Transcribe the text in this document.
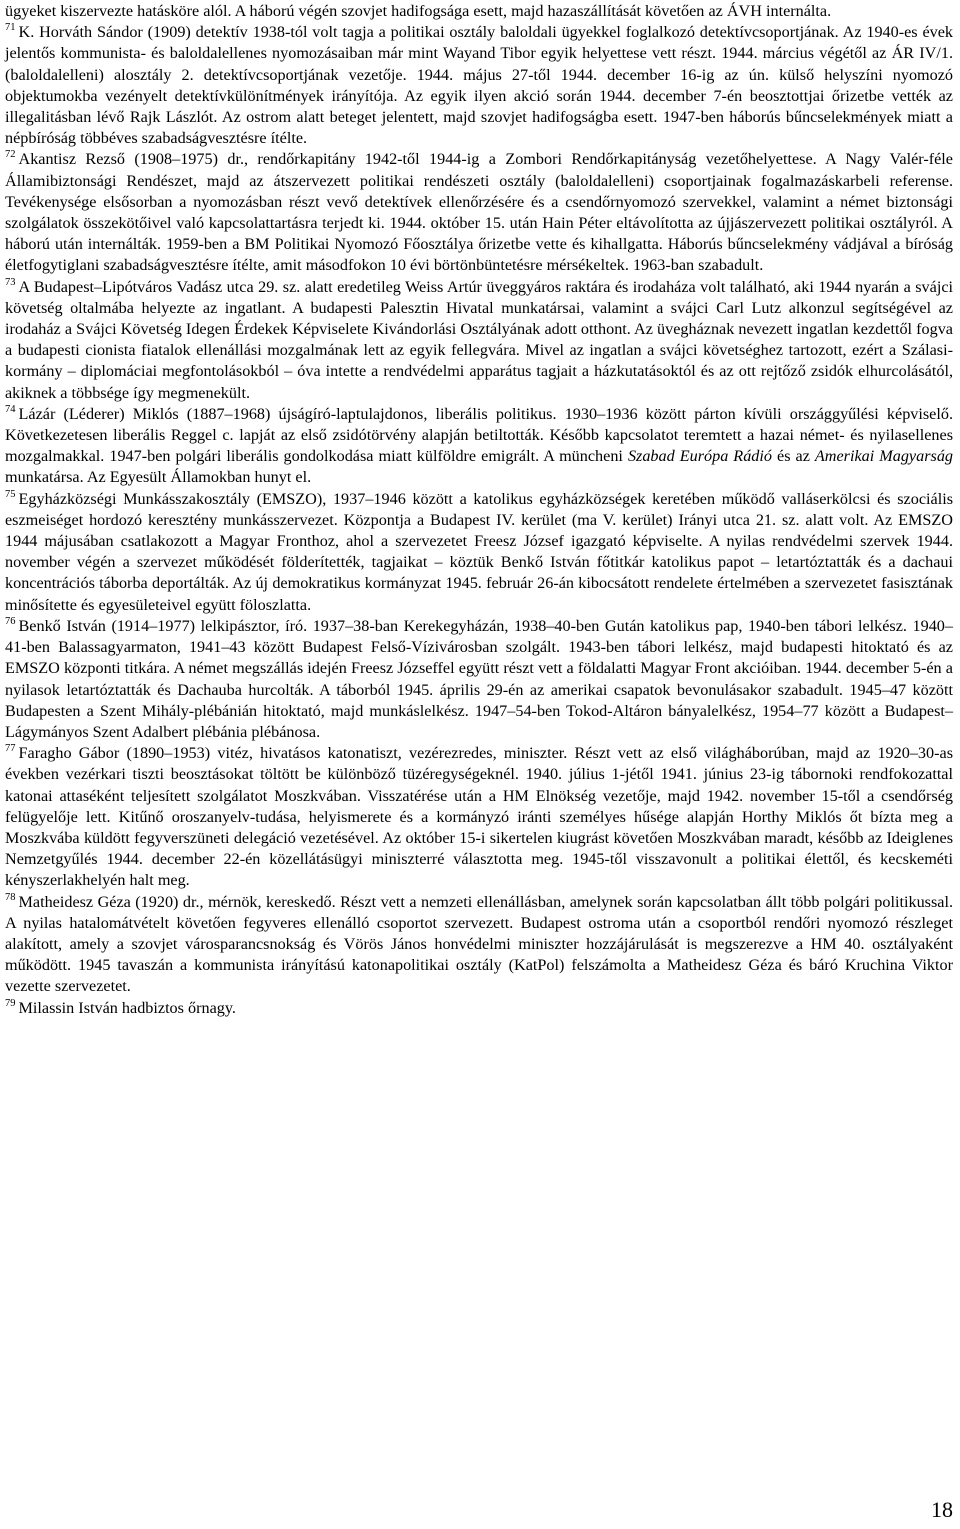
ügyeket kiszervezte hatásköre alól. A háború végén szovjet hadifogsága esett, majd hazaszállítását követően az ÁVH internálta.

$^{71}$ K. Horváth Sándor (1909) detektív 1938-tól volt tagja a politikai osztály baloldali ügyekkel foglalkozó detektívcsoportjának. Az 1940-es évek jelentős kommunista- és baloldalellenes nyomozásaiban már mint Wayand Tibor egyik helyettese vett részt. 1944. március végétől az ÁR IV/1. (baloldalelleni) alosztály 2. detektívcsoportjának vezetője. 1944. május 27-től 1944. december 16-ig az ún. külső helyszíni nyomozó objektumokba vezényelt detektívkülönítmények irányítója. Az egyik ilyen akció során 1944. december 7-én beosztottjai őrizetbe vették az illegalitásban lévő Rajk Lászlót. Az ostrom alatt beteget jelentett, majd szovjet hadifogságba esett. 1947-ben háborús bűncselekmények miatt a népbíróság többéves szabadságvesztésre ítélte.

$^{72}$ Akantisz Rezső (1908–1975) dr., rendőrkapitány 1942-től 1944-ig a Zombori Rendőrkapitányság vezetőhelyettese. A Nagy Valér-féle Államibiztonsági Rendészet, majd az átszervezett politikai rendészeti osztály (baloldalelleni) csoportjainak fogalmazáskarbeli referense. Tevékenysége elsősorban a nyomozásban részt vevő detektívek ellenőrzésére és a csendőrnyomozó szervekkel, valamint a német biztonsági szolgálatok összekötőivel való kapcsolattartásra terjedt ki. 1944. október 15. után Hain Péter eltávolította az újjászervezett politikai osztályról. A háború után internálták. 1959-ben a BM Politikai Nyomozó Főosztálya őrizetbe vette és kihallgatta. Háborús bűncselekmény vádjával a bíróság életfogytiglani szabadságvesztésre ítélte, amit másodfokon 10 évi börtönbüntetésre mérsékeltek. 1963-ban szabadult.

$^{73}$ A Budapest–Lipótváros Vadász utca 29. sz. alatt eredetileg Weiss Artúr üveggyáros raktára és irodaháza volt található, aki 1944 nyarán a svájci követség oltalmába helyezte az ingatlant. A budapesti Palesztin Hivatal munkatársai, valamint a svájci Carl Lutz alkonzul segítségével az irodaház a Svájci Követség Idegen Érdekek Képviselete Kivándorlási Osztályának adott otthont. Az üvegháznak nevezett ingatlan kezdettől fogva a budapesti cionista fiatalok ellenállási mozgalmának lett az egyik fellegvára. Mivel az ingatlan a svájci követséghez tartozott, ezért a Szálasi-kormány – diplomáciai megfontolásokból – óva intette a rendvédelmi apparátus tagjait a házkutatásoktól és az ott rejtőző zsidók elhurcolásától, akiknek a többsége így megmenekült.

$^{74}$ Lázár (Léderer) Miklós (1887–1968) újságíró-laptulajdonos, liberális politikus. 1930–1936 között párton kívüli országgyűlési képviselő. Következetesen liberális Reggel c. lapját az első zsidótörvény alapján betiltották. Később kapcsolatot teremtett a hazai német- és nyilasellenes mozgalmakkal. 1947-ben polgári liberális gondolkodása miatt külföldre emigrált. A müncheni Szabad Európa Rádió és az Amerikai Magyarság munkatársa. Az Egyesült Államokban hunyt el.

$^{75}$ Egyházközségi Munkásszakosztály (EMSZO), 1937–1946 között a katolikus egyházközségek keretében működő valláserkölcsi és szociális eszmeiséget hordozó keresztény munkásszervezet. Központja a Budapest IV. kerület (ma V. kerület) Irányi utca 21. sz. alatt volt. Az EMSZO 1944 májusában csatlakozott a Magyar Fronthoz, ahol a szervezetet Freesz József igazgató képviselte. A nyilas rendvédelmi szervek 1944. november végén a szervezet működését földerítették, tagjaikat – köztük Benkő István főtitkár katolikus papot – letartóztatták és a dachaui koncentrációs táborba deportálták. Az új demokratikus kormányzat 1945. február 26-án kibocsátott rendelete értelmében a szervezetet fasisztának minősítette és egyesületeivel együtt föloszlatta.

$^{76}$ Benkő István (1914–1977) lelkipásztor, író. 1937–38-ban Kerekegyházán, 1938–40-ben Gután katolikus pap, 1940-ben tábori lelkész. 1940–41-ben Balassagyarmaton, 1941–43 között Budapest Felső-Vízivárosban szolgált. 1943-ben tábori lelkész, majd budapesti hitoktató és az EMSZO központi titkára. A német megszállás idején Freesz Józseffel együtt részt vett a földalatti Magyar Front akcióiban. 1944. december 5-én a nyilasok letartóztatták és Dachauba hurcolták. A táborból 1945. április 29-én az amerikai csapatok bevonulásakor szabadult. 1945–47 között Budapesten a Szent Mihály-plébánián hitoktató, majd munkáslelkész. 1947–54-ben Tokod-Altáron bányalelkész, 1954–77 között a Budapest–Lágymányos Szent Adalbert plébánia plébánosa.

$^{77}$ Faragho Gábor (1890–1953) vitéz, hivatásos katonatiszt, vezérezredes, miniszter. Részt vett az első világháborúban, majd az 1920–30-as években vezérkari tiszti beosztásokat töltött be különböző tüzéregységeknél. 1940. július 1-jétől 1941. június 23-ig tábornoki rendfokozattal katonai attaséként teljesített szolgálatot Moszkvában. Visszatérése után a HM Elnökség vezetője, majd 1942. november 15-től a csendőrség felügyelője lett. Kitűnő oroszanyelv-tudása, helyismerete és a kormányzó iránti személyes hűsége alapján Horthy Miklós őt bízta meg a Moszkvába küldött fegyverszüneti delegáció vezetésével. Az október 15-i sikertelen kiugrást követően Moszkvában maradt, később az Ideiglenes Nemzetgyűlés 1944. december 22-én közellátásügyi miniszterré választotta meg. 1945-től visszavonult a politikai élettől, és kecskeméti kényszerlakhelyén halt meg.

$^{78}$ Matheidesz Géza (1920) dr., mérnök, kereskedő. Részt vett a nemzeti ellenállásban, amelynek során kapcsolatban állt több polgári politikussal. A nyilas hatalomátvételt követően fegyveres ellenálló csoportot szervezett. Budapest ostroma után a csoportból rendőri nyomozó részleget alakított, amely a szovjet városparancsnokság és Vörös János honvédelmi miniszter hozzájárulását is megszerezve a HM 40. osztályaként működött. 1945 tavaszán a kommunista irányítású katonapolitikai osztály (KatPol) felszámolta a Matheidesz Géza és báró Kruchina Viktor vezette szervezetet.

$^{79}$ Milassin István hadbiztos őrnagy.

18
